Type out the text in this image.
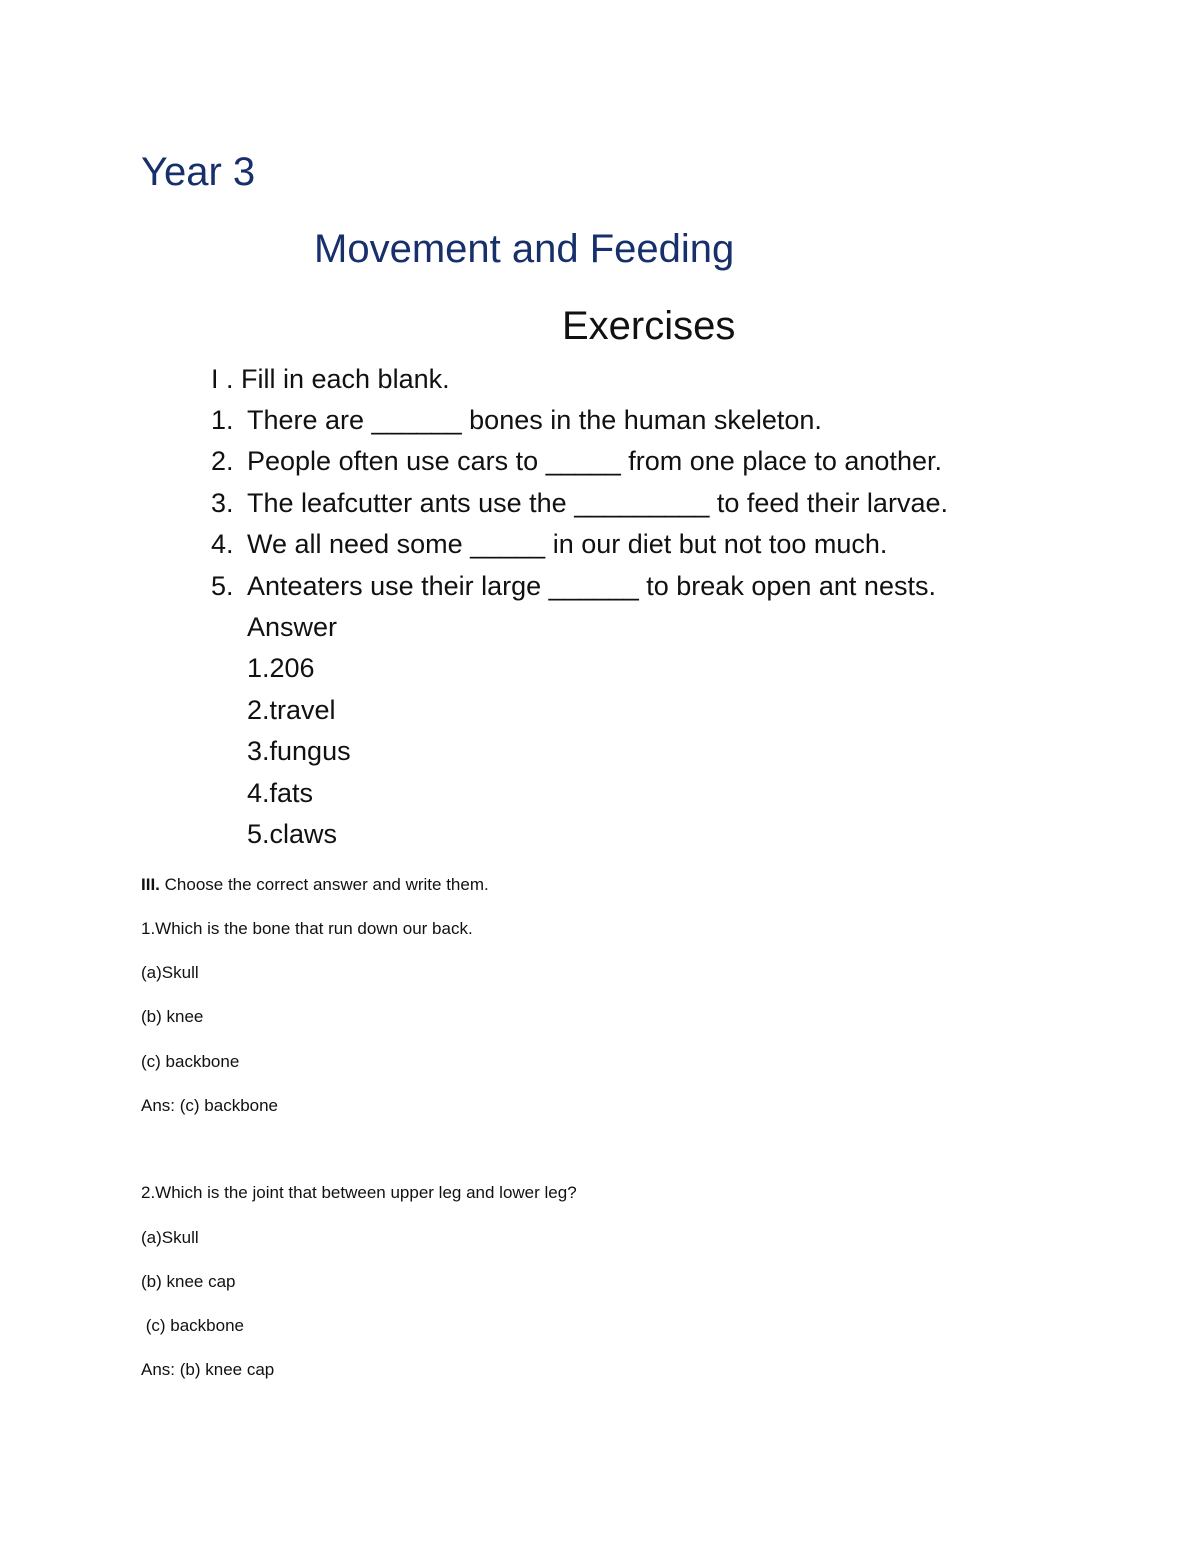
Year 3
Movement and Feeding
Exercises
I . Fill in each blank.
1. There are ______ bones in the human skeleton.
2. People often use cars to _____ from one place to another.
3. The leafcutter ants use the _________ to feed their larvae.
4. We all need some _____ in our diet but not too much.
5. Anteaters use their large ______ to break open ant nests.
Answer
1.206
2.travel
3.fungus
4.fats
5.claws
III. Choose the correct answer and write them.
1.Which is the bone that run down our back.
(a)Skull
(b) knee
(c) backbone
Ans: (c) backbone
2.Which is the joint that between upper leg and lower leg?
(a)Skull
(b) knee cap
(c) backbone
Ans: (b) knee cap
